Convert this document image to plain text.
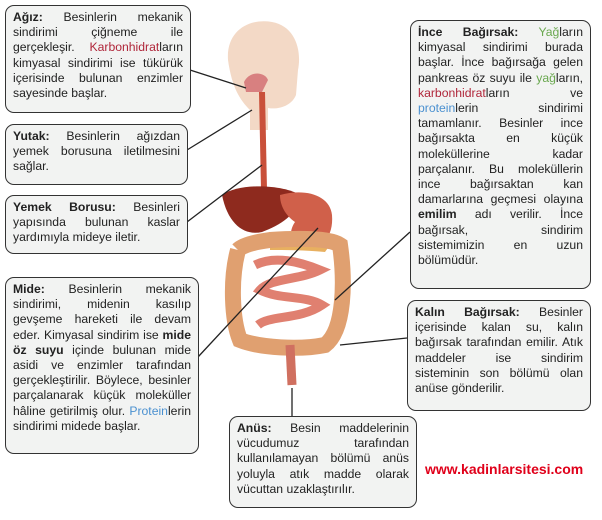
Ağız: Besinlerin mekanik sindirimi çiğneme ile gerçekleşir. Karbonhidratların kimyasal sindirimi ise tükürük içerisinde bulunan enzimler sayesinde başlar.
Yutak: Besinlerin ağızdan yemek borusuna iletilmesini sağlar.
Yemek Borusu: Besinleri yapısında bulunan kaslar yardımıyla mideye iletir.
Mide: Besinlerin mekanik sindirimi, midenin kasılıp gevşeme hareketi ile devam eder. Kimyasal sindirim ise mide öz suyu içinde bulunan mide asidi ve enzimler tarafından gerçekleştirilir. Böylece, besinler parçalanarak küçük moleküller hâline getirilmiş olur. Proteinlerin sindirimi midede başlar.
İnce Bağırsak: Yağların kimyasal sindirimi burada başlar. İnce bağırsağa gelen pankreas öz suyu ile yağların, karbonhidratların ve proteinlerin sindirimi tamamlanır. Besinler ince bağırsakta en küçük moleküllerine kadar parçalanır. Bu moleküllerin ince bağırsaktan kan damarlarına geçmesi olayına emilim adı verilir. İnce bağırsak, sindirim sistemimizin en uzun bölümüdür.
Kalın Bağırsak: Besinler içerisinde kalan su, kalın bağırsak tarafından emilir. Atık maddeler ise sindirim sisteminin son bölümü olan anüse gönderilir.
Anüs: Besin maddelerinin vücudumuz tarafından kullanılamayan bölümü anüs yoluyla atık madde olarak vücuttan uzaklaştırılır.
www.kadinlarsitesi.com
